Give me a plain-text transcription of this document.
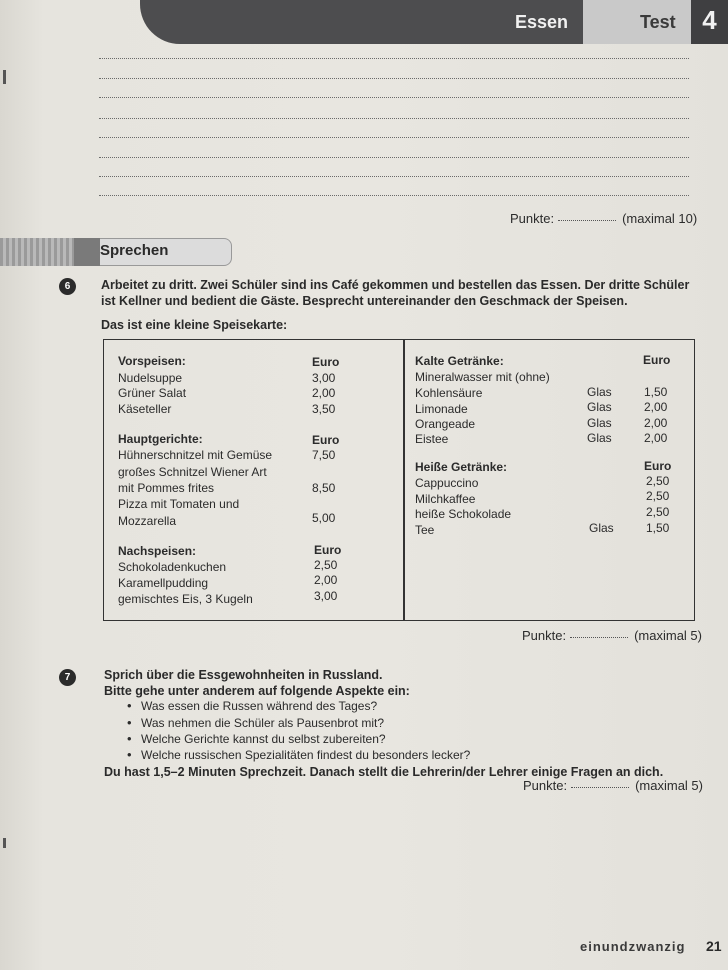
Essen	Test	4
Punkte:	(maximal 10)
Sprechen
6	Arbeitet zu dritt. Zwei Schüler sind ins Café gekommen und bestellen das Essen. Der dritte Schüler
ist Kellner und bedient die Gäste. Besprecht untereinander den Geschmack der Speisen.
Das ist eine kleine Speisekarte:
Vorspeisen:	Euro
Nudelsuppe	3,00
Grüner Salat	2,00
Käseteller	3,50
Hauptgerichte:	Euro
Hühnerschnitzel mit Gemüse	7,50
großes Schnitzel Wiener Art
mit Pommes frites	8,50
Pizza mit Tomaten und
Mozzarella	5,00
Nachspeisen:	Euro
Schokoladenkuchen	2,50
Karamellpudding	2,00
gemischtes Eis, 3 Kugeln	3,00
Kalte Getränke:	Euro
Mineralwasser mit (ohne)
Kohlensäure	Glas	1,50
Limonade	Glas	2,00
Orangeade	Glas	2,00
Eistee	Glas	2,00
Heiße Getränke:	Euro
Cappuccino	2,50
Milchkaffee	2,50
heiße Schokolade	2,50
Tee	Glas	1,50
Punkte:	(maximal 5)
7	Sprich über die Essgewohnheiten in Russland.
Bitte gehe unter anderem auf folgende Aspekte ein:
• Was essen die Russen während des Tages?
• Was nehmen die Schüler als Pausenbrot mit?
• Welche Gerichte kannst du selbst zubereiten?
• Welche russischen Spezialitäten findest du besonders lecker?
Du hast 1,5–2 Minuten Sprechzeit. Danach stellt die Lehrerin/der Lehrer einige Fragen an dich.
Punkte:	(maximal 5)
einundzwanzig 21
